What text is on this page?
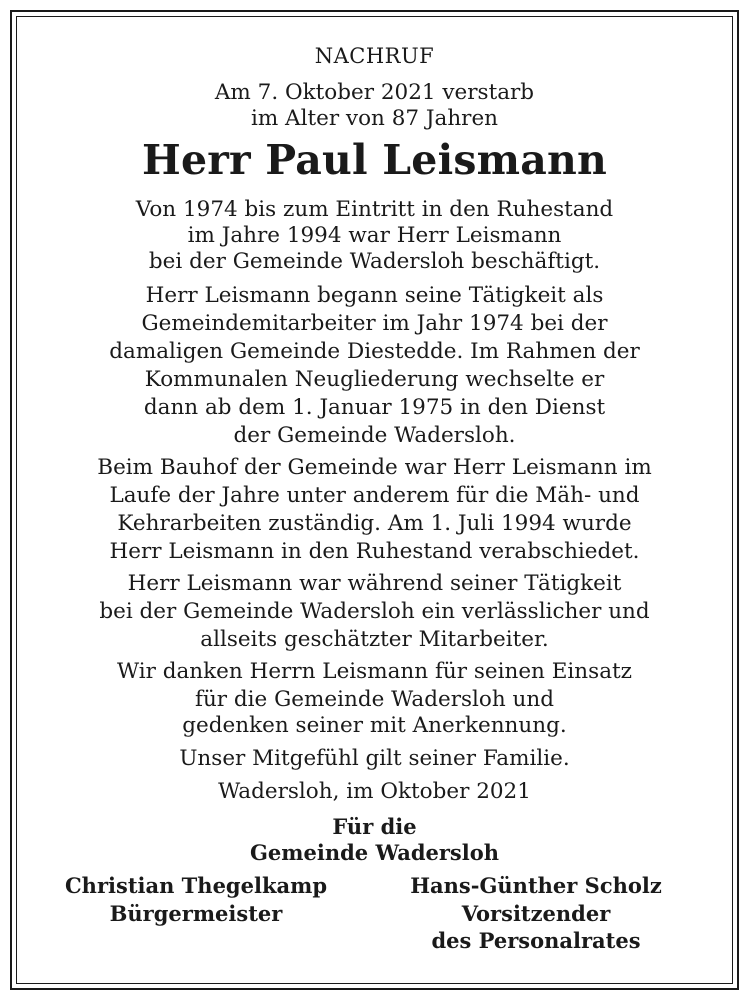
NACHRUF
Am 7. Oktober 2021 verstarb
im Alter von 87 Jahren
Herr Paul Leismann
Von 1974 bis zum Eintritt in den Ruhestand
im Jahre 1994 war Herr Leismann
bei der Gemeinde Wadersloh beschäftigt.
Herr Leismann begann seine Tätigkeit als
Gemeindemitarbeiter im Jahr 1974 bei der
damaligen Gemeinde Diestedde. Im Rahmen der
Kommunalen Neugliederung wechselte er
dann ab dem 1. Januar 1975 in den Dienst
der Gemeinde Wadersloh.
Beim Bauhof der Gemeinde war Herr Leismann im
Laufe der Jahre unter anderem für die Mäh- und
Kehrarbeiten zuständig. Am 1. Juli 1994 wurde
Herr Leismann in den Ruhestand verabschiedet.
Herr Leismann war während seiner Tätigkeit
bei der Gemeinde Wadersloh ein verlässlicher und
allseits geschätzter Mitarbeiter.
Wir danken Herrn Leismann für seinen Einsatz
für die Gemeinde Wadersloh und
gedenken seiner mit Anerkennung.
Unser Mitgefühl gilt seiner Familie.
Wadersloh, im Oktober 2021
Für die
Gemeinde Wadersloh
Christian Thegelkamp
Bürgermeister
Hans-Günther Scholz
Vorsitzender
des Personalrates
